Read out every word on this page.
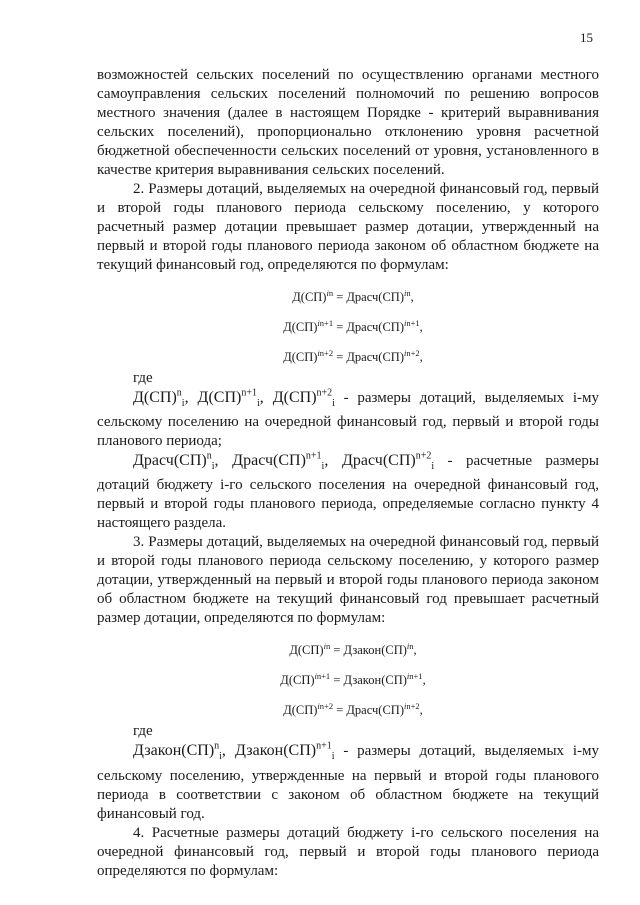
15

возможностей сельских поселений по осуществлению органами местного самоуправления сельских поселений полномочий по решению вопросов местного значения (далее в настоящем Порядке - критерий выравнивания сельских поселений), пропорционально отклонению уровня расчетной бюджетной обеспеченности сельских поселений от уровня, установленного в качестве критерия выравнивания сельских поселений.

2. Размеры дотаций, выделяемых на очередной финансовый год, первый и второй годы планового периода сельскому поселению, у которого расчетный размер дотации превышает размер дотации, утвержденный на первый и второй годы планового периода законом об областном бюджете на текущий финансовый год, определяются по формулам:

Д(СП)$^{in}$ = Драсч(СП)$^{in}$,

Д(СП)$^{in+1}$ = Драсч(СП)$^{in+1}$,

Д(СП)$^{in+2}$ = Драсч(СП)$^{in+2}$,

где

Д(СП)$^n_i$, Д(СП)$^{n+1}_i$, Д(СП)$^{n+2}_i$ - размеры дотаций, выделяемых i-му сельскому поселению на очередной финансовый год, первый и второй годы планового периода;

Драсч(СП)$^n_i$, Драсч(СП)$^{n+1}_i$, Драсч(СП)$^{n+2}_i$ - расчетные размеры дотаций бюджету i-го сельского поселения на очередной финансовый год, первый и второй годы планового периода, определяемые согласно пункту 4 настоящего раздела.

3. Размеры дотаций, выделяемых на очередной финансовый год, первый и второй годы планового периода сельскому поселению, у которого размер дотации, утвержденный на первый и второй годы планового периода законом об областном бюджете на текущий финансовый год превышает расчетный размер дотации, определяются по формулам:

Д(СП)$^{in}$ = Дзакон(СП)$^{in}$,

Д(СП)$^{in+1}$ = Дзакон(СП)$^{in+1}$,

Д(СП)$^{in+2}$ = Драсч(СП)$^{in+2}$,

где

Дзакон(СП)$^n_i$, Дзакон(СП)$^{n+1}_i$ - размеры дотаций, выделяемых i-му сельскому поселению, утвержденные на первый и второй годы планового периода в соответствии с законом об областном бюджете на текущий финансовый год.

4. Расчетные размеры дотаций бюджету i-го сельского поселения на очередной финансовый год, первый и второй годы планового периода определяются по формулам:
